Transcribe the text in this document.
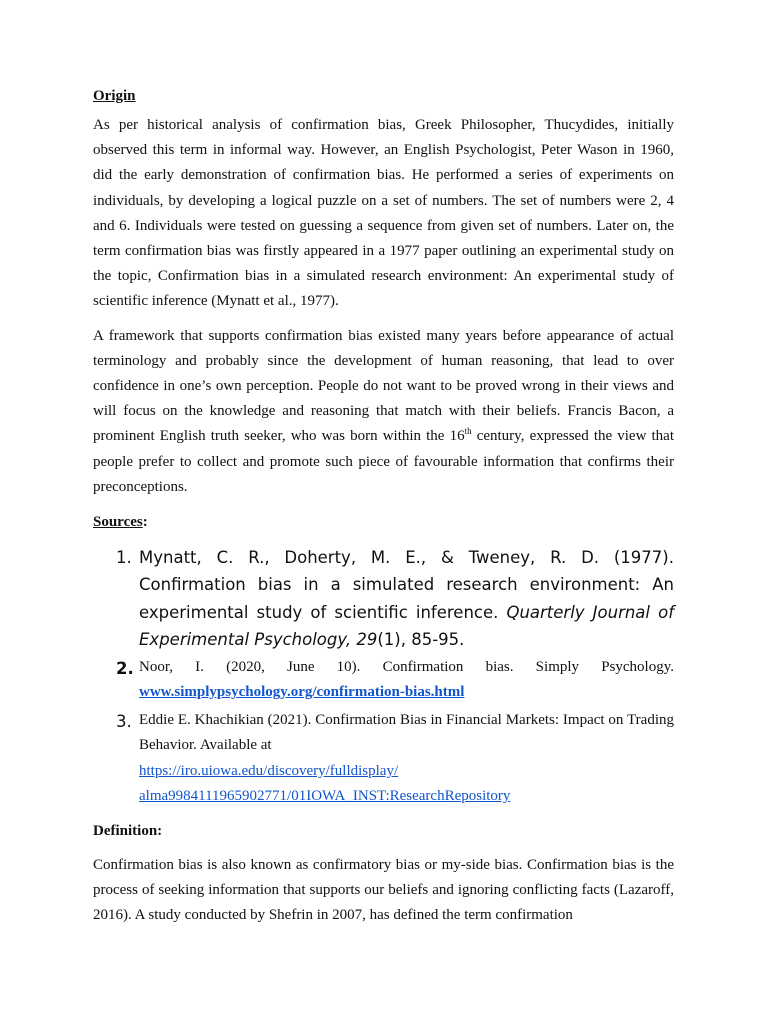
Origin

As per historical analysis of confirmation bias, Greek Philosopher, Thucydides, initially observed this term in informal way. However, an English Psychologist, Peter Wason in 1960, did the early demonstration of confirmation bias. He performed a series of experiments on individuals, by developing a logical puzzle on a set of numbers. The set of numbers were 2, 4 and 6. Individuals were tested on guessing a sequence from given set of numbers. Later on, the term confirmation bias was firstly appeared in a 1977 paper outlining an experimental study on the topic, Confirmation bias in a simulated research environment: An experimental study of scientific inference (Mynatt et al., 1977).

A framework that supports confirmation bias existed many years before appearance of actual terminology and probably since the development of human reasoning, that lead to over confidence in one’s own perception. People do not want to be proved wrong in their views and will focus on the knowledge and reasoning that match with their beliefs. Francis Bacon, a prominent English truth seeker, who was born within the 16th century, expressed the view that people prefer to collect and promote such piece of favourable information that confirms their preconceptions.

Sources:
1. Mynatt, C. R., Doherty, M. E., & Tweney, R. D. (1977). Confirmation bias in a simulated research environment: An experimental study of scientific inference. Quarterly Journal of Experimental Psychology, 29(1), 85-95.
2. Noor, I. (2020, June 10). Confirmation bias. Simply Psychology. www.simplypsychology.org/confirmation-bias.html
3. Eddie E. Khachikian (2021). Confirmation Bias in Financial Markets: Impact on Trading Behavior. Available at
https://iro.uiowa.edu/discovery/fulldisplay/
alma9984111965902771/01IOWA_INST:ResearchRepository
Definition:

Confirmation bias is also known as confirmatory bias or my-side bias. Confirmation bias is the process of seeking information that supports our beliefs and ignoring conflicting facts (Lazaroff, 2016). A study conducted by Shefrin in 2007, has defined the term confirmation
